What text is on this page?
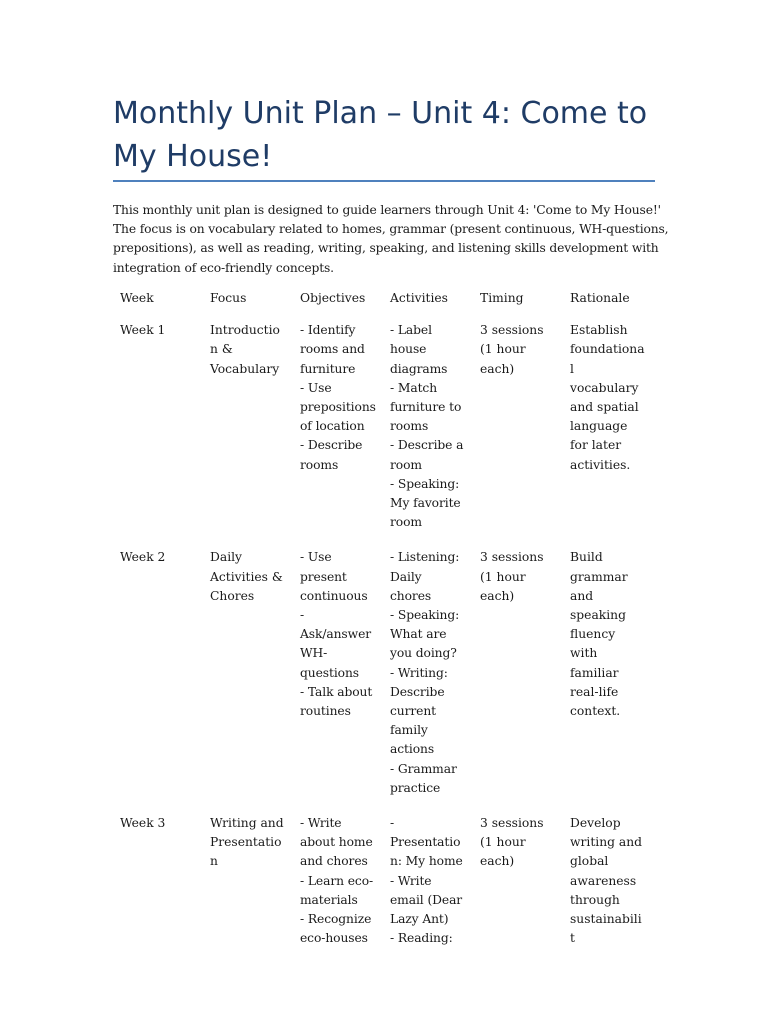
Monthly Unit Plan – Unit 4: Come to My House!

This monthly unit plan is designed to guide learners through Unit 4: 'Come to My House!' The focus is on vocabulary related to homes, grammar (present continuous, WH-questions, prepositions), as well as reading, writing, speaking, and listening skills development with integration of eco-friendly concepts.

Week	Focus	Objectives	Activities	Timing	Rationale
Week 1	Introduction & Vocabulary	- Identify rooms and furniture
- Use prepositions of location
- Describe rooms	- Label house diagrams
- Match furniture to rooms
- Describe a room
- Speaking: My favorite room	3 sessions (1 hour each)	Establish foundational vocabulary and spatial language for later activities.
Week 2	Daily Activities & Chores	- Use present continuous
- Ask/answer WH-questions
- Talk about routines	- Listening: Daily chores
- Speaking: What are you doing?
- Writing: Describe current family actions
- Grammar practice	3 sessions (1 hour each)	Build grammar and speaking fluency with familiar real-life context.
Week 3	Writing and Presentation	- Write about home and chores
- Learn eco-materials
- Recognize eco-houses	- Presentation: My home
- Write email (Dear Lazy Ant)
- Reading:	3 sessions (1 hour each)	Develop writing and global awareness through sustainabilit
